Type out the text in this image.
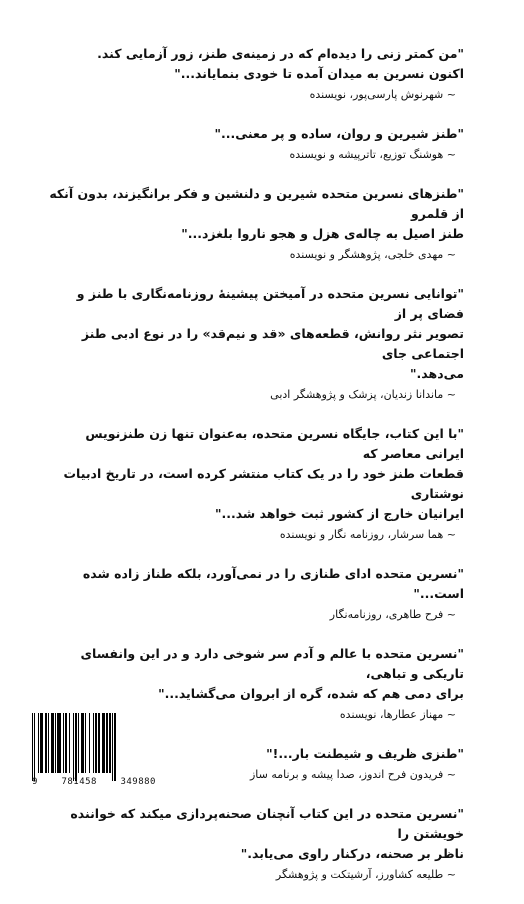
"من کمتر زنی را دیده‌ام که در زمینه‌ی طنز، زور آزمایی کند.
اکنون نسرین به میدان آمده تا خودی بنمایاند..."

~ شهرنوش پارسی‌پور، نویسنده

"طنز شیرین و روان، ساده و پر معنی..."

~ هوشنگ توزیع، تاترپیشه و نویسنده

"طنزهای نسرین متحده شیرین و دلنشین و فکر برانگیزند، بدون آنکه از قلمرو
طنز اصیل به چاله‌ی هزل و هجو ناروا بلغزد..."

~ مهدی خلجی، پژوهشگر و نویسنده

"توانایی نسرین متحده در آمیختن پیشینهٔ روزنامه‌نگاری با طنز و فضای پر از
تصویر نثر روانش، قطعه‌های «قد و نیم‌قد» را در نوع ادبی طنز اجتماعی جای
می‌دهد."

~ ماندانا زندیان، پزشک و پژوهشگر ادبی

"با این کتاب، جایگاه نسرین متحده، به‌عنوان تنها زن طنزنویس ایرانی معاصر که
قطعات طنز خود را در یک کتاب منتشر کرده است، در تاریخ ادبیات نوشتاری
ایرانیان خارج از کشور ثبت خواهد شد..."

~ هما سرشار، روزنامه نگار و نویسنده

"نسرین متحده ادای طنازی را در نمی‌آورد، بلکه طناز زاده شده است..."

~ فرح طاهری، روزنامه‌نگار

"نسرین متحده با عالم و آدم سر شوخی دارد و در این وانفسای تاریکی و تباهی،
برای دمی هم که شده، گره از ابروان می‌گشاید..."

~ مهناز عطارها، نویسنده

"طنزی ظریف و شیطنت بار...!"

~ فریدون فرح اندوز، صدا پیشه و برنامه ساز

"نسرین متحده در این کتاب آنچنان صحنه‌پردازی میکند که خواننده خویشتن را
ناظر بر صحنه، درکنار راوی می‌یابد."

~ طلیعه کشاورز، آرشیتکت و پژوهشگر

9	781458	349880
